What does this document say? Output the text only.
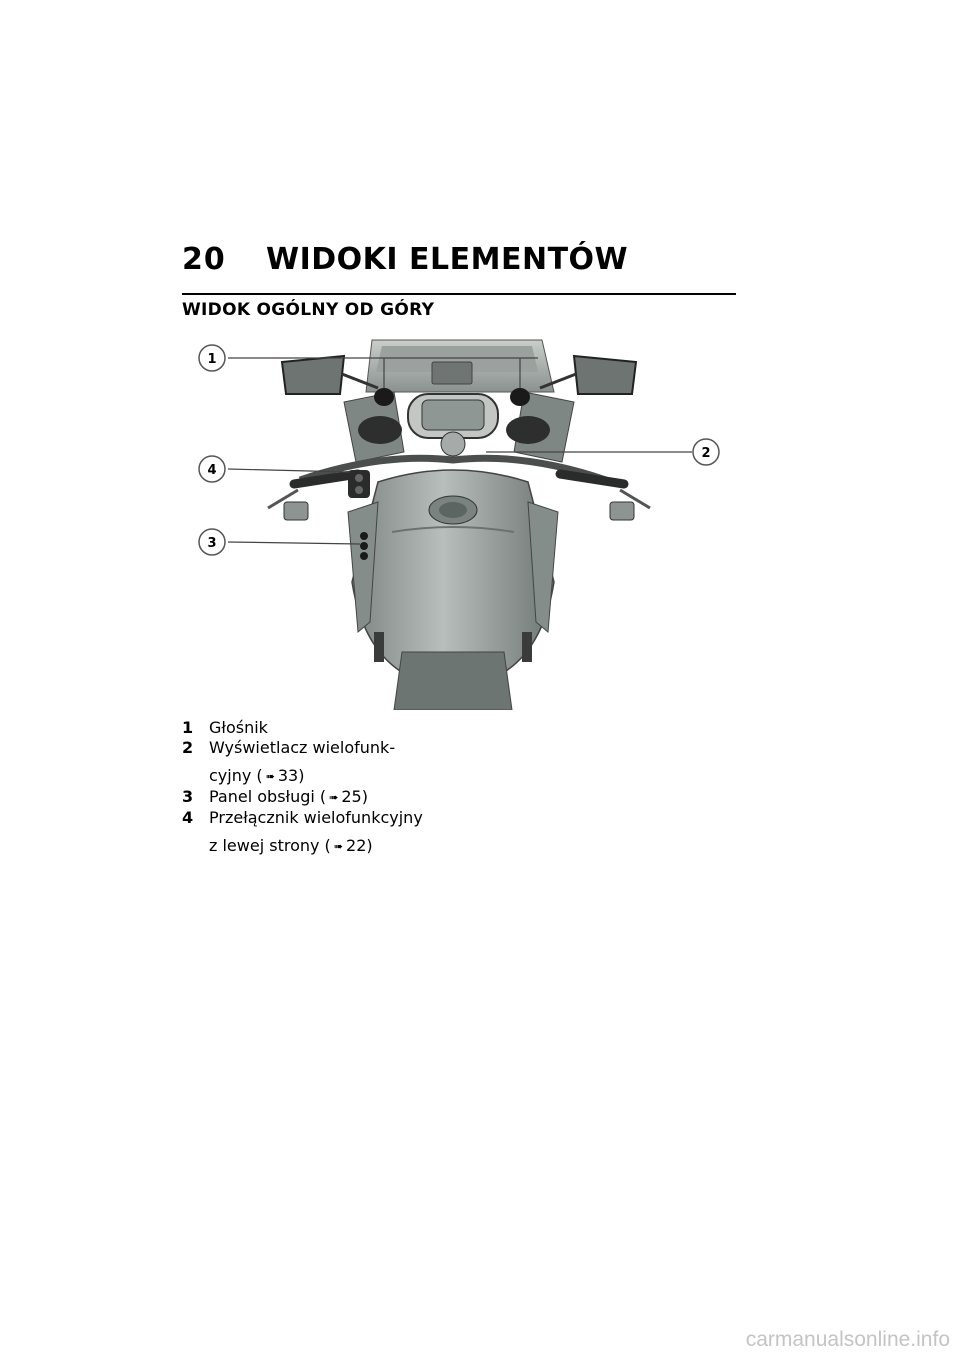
20 WIDOKI ELEMENTÓW
WIDOK OGÓLNY OD GÓRY
1
2
3
4
1 Głośnik
2 Wyświetlacz wielofunk-
cyjny ( ➠ 33)
3 Panel obsługi ( ➠ 25)
4 Przełącznik wielofunkcyjny
z lewej strony ( ➠ 22)
carmanualsonline.info
